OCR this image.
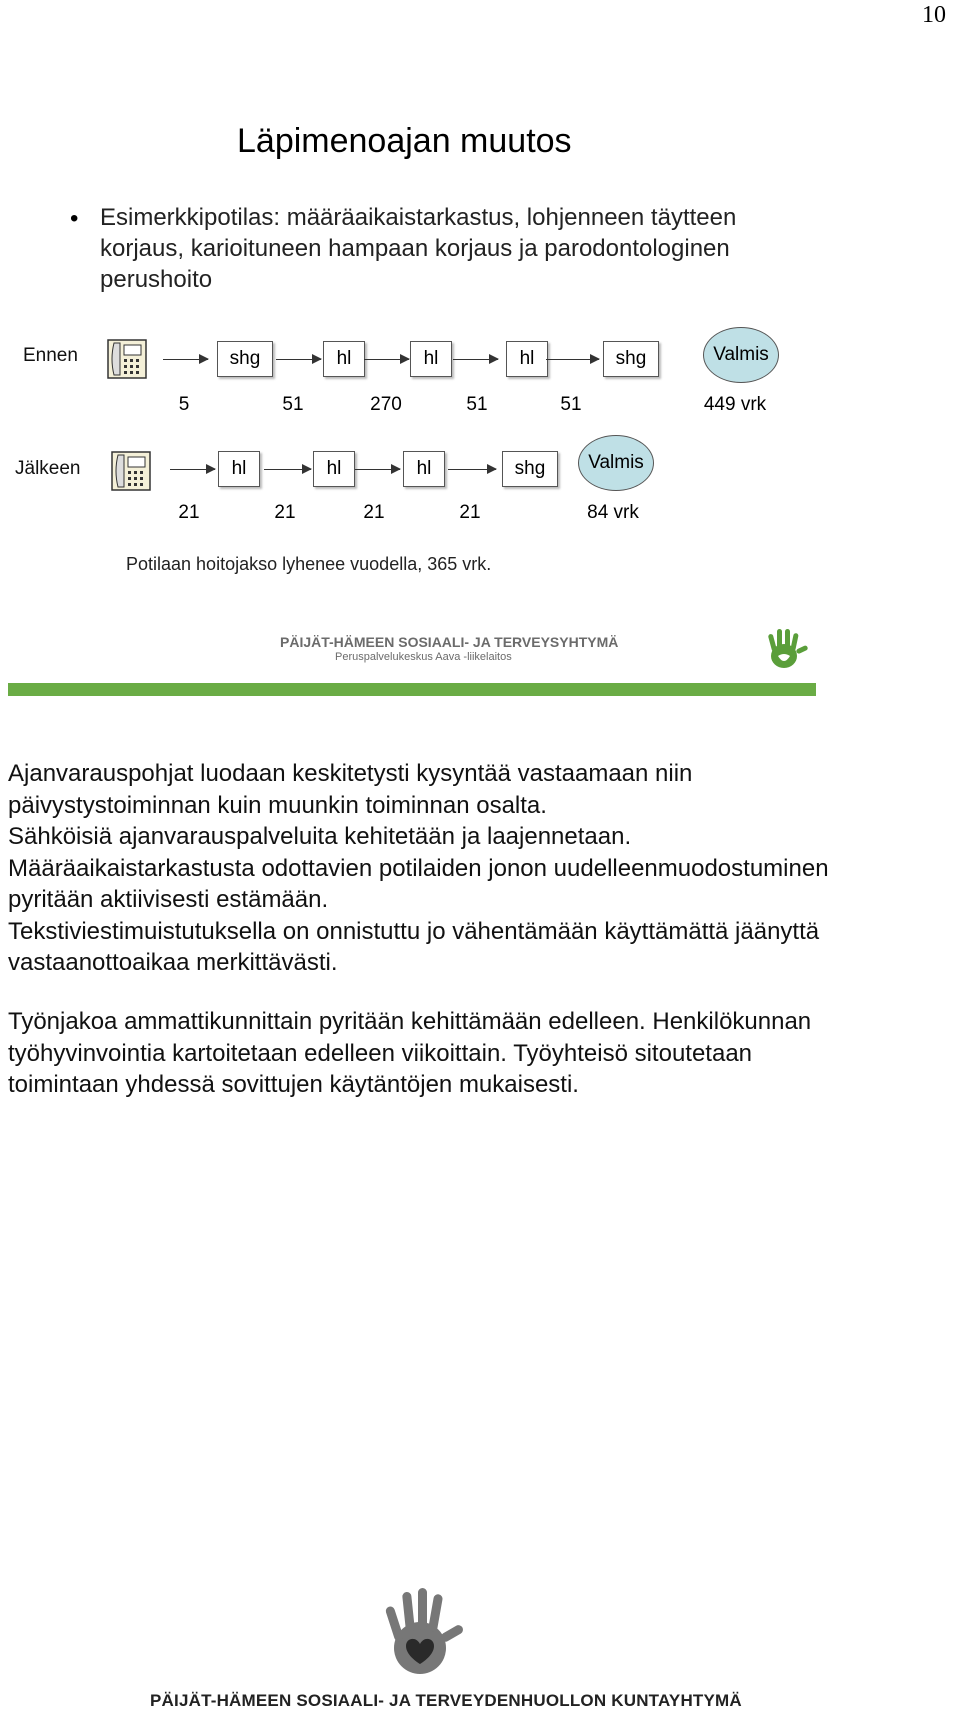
10
Läpimenoajan muutos
• Esimerkkipotilas: määräaikaistarkastus, lohjenneen täytteen korjaus, karioituneen hampaan korjaus ja parodontologinen perushoito
Ennen	shg	hl	hl	hl	shg	Valmis
5	51	270	51	51	449 vrk
Jälkeen	hl	hl	hl	shg	Valmis
21	21	21	21	84 vrk
Potilaan hoitojakso lyhenee vuodella, 365 vrk.
PÄIJÄT-HÄMEEN SOSIAALI- JA TERVEYSYHTYMÄ
Peruspalvelukeskus Aava -liikelaitos
Ajanvarauspohjat luodaan keskitetysti kysyntää vastaamaan niin
päivystystoiminnan kuin muunkin toiminnan osalta.
Sähköisiä ajanvarauspalveluita kehitetään ja laajennetaan.
Määräaikaistarkastusta odottavien potilaiden jonon uudelleenmuodostuminen
pyritään aktiivisesti estämään.
Tekstiviestimuistutuksella on onnistuttu jo vähentämään käyttämättä jäänyttä
vastaanottoaikaa merkittävästi.
Työnjakoa ammattikunnittain pyritään kehittämään edelleen. Henkilökunnan
työhyvinvointia kartoitetaan edelleen viikoittain. Työyhteisö sitoutetaan
toimintaan yhdessä sovittujen käytäntöjen mukaisesti.
PÄIJÄT-HÄMEEN SOSIAALI- JA TERVEYDENHUOLLON KUNTAYHTYMÄ
